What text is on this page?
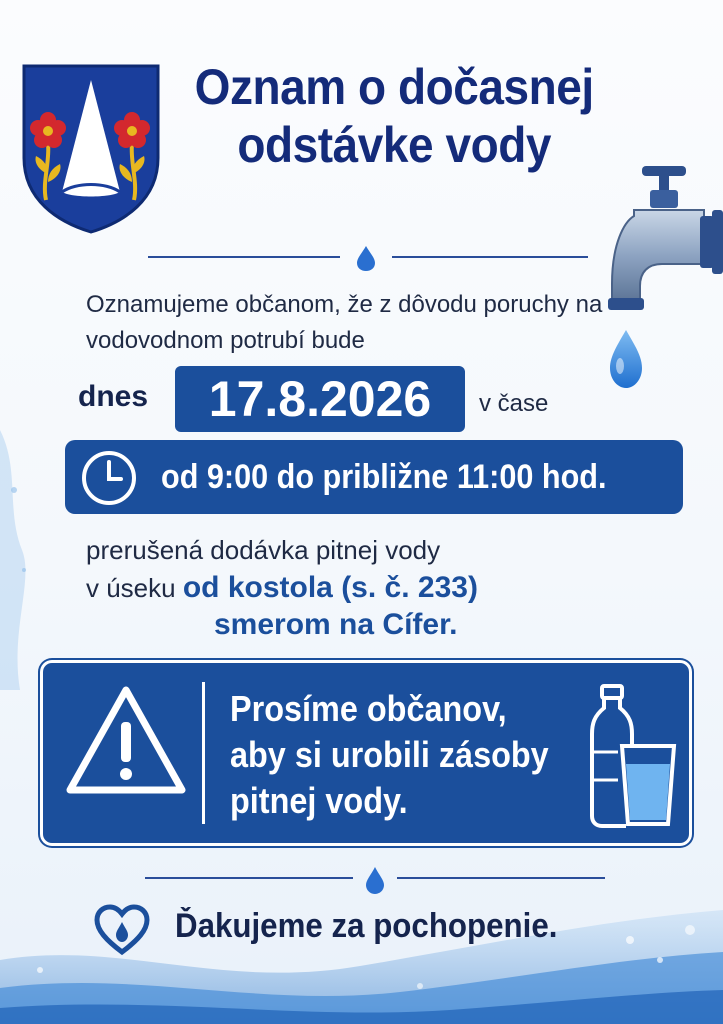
Oznam o dočasnej
odstávke vody

Oznamujeme občanom, že z dôvodu poruchy na vodovodnom potrubí bude

dnes	17.8.2026	v čase
od 9:00 do približne 11:00 hod.
prerušená dodávka pitnej vody
v úseku od kostola (s. č. 233)
smerom na Cífer.
Prosíme občanov,
aby si urobili zásoby
pitnej vody.
Ďakujeme za pochopenie.
